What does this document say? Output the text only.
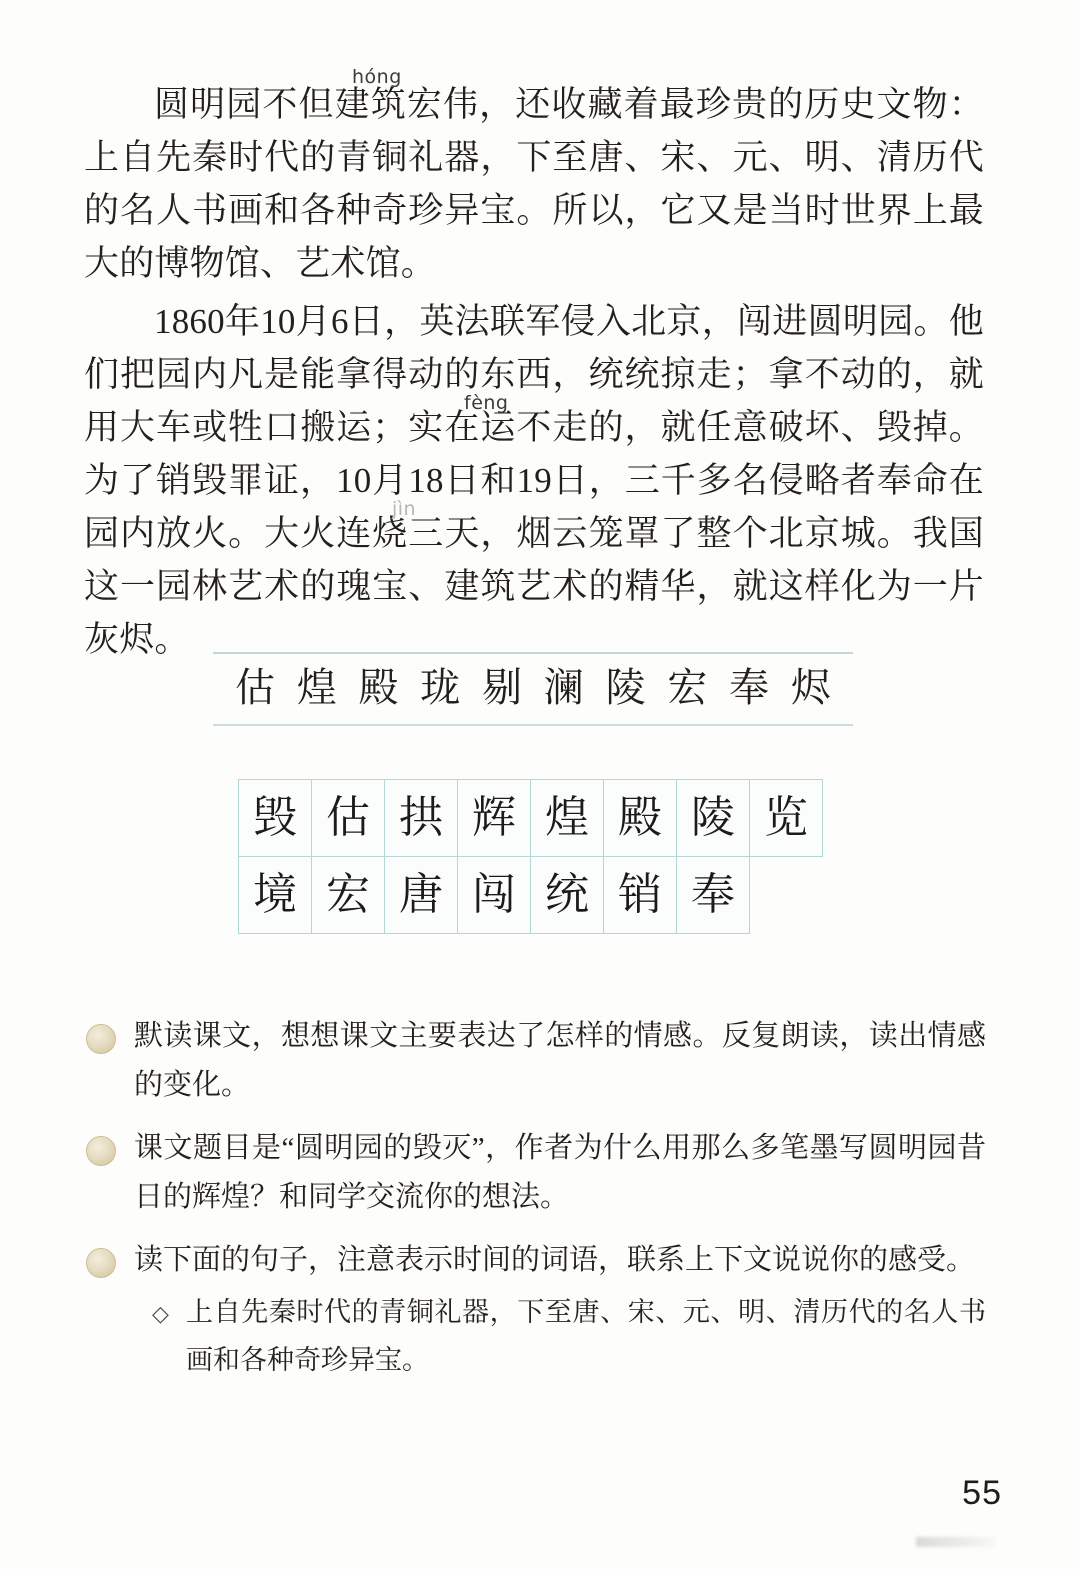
圆明园不但建筑宏伟，还收藏着最珍贵的历史文物：上自先秦时代的青铜礼器，下至唐、宋、元、明、清历代的名人书画和各种奇珍异宝。所以，它又是当时世界上最大的博物馆、艺术馆。

1860年10月6日，英法联军侵入北京，闯进圆明园。他们把园内凡是能拿得动的东西，统统掠走；拿不动的，就用大车或牲口搬运；实在运不走的，就任意破坏、毁掉。为了销毁罪证，10月18日和19日，三千多名侵略者奉命在园内放火。大火连烧三天，烟云笼罩了整个北京城。我国这一园林艺术的瑰宝、建筑艺术的精华，就这样化为一片灰烬。

hóng
fèng
jìn
估 煌 殿 珑 剔 澜 陵 宏 奉 烬
毁 估 拱 辉 煌 殿 陵 览
境 宏 唐 闯 统 销 奉
默读课文，想想课文主要表达了怎样的情感。反复朗读，读出情感的变化。
课文题目是“圆明园的毁灭”，作者为什么用那么多笔墨写圆明园昔日的辉煌？和同学交流你的想法。
读下面的句子，注意表示时间的词语，联系上下文说说你的感受。
◇ 上自先秦时代的青铜礼器，下至唐、宋、元、明、清历代的名人书画和各种奇珍异宝。
55
